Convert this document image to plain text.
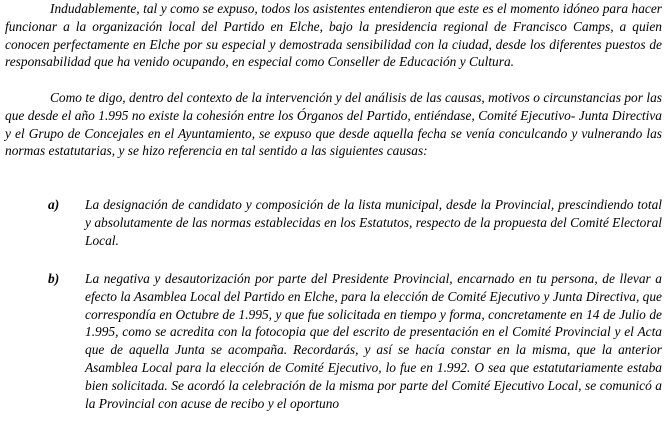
Indudablemente, tal y como se expuso, todos los asistentes entendieron que este es el momento idóneo para hacer funcionar a la organización local del Partido en Elche, bajo la presidencia regional de Francisco Camps, a quien conocen perfectamente en Elche por su especial y demostrada sensibilidad con la ciudad, desde los diferentes puestos de responsabilidad que ha venido ocupando, en especial como Conseller de Educación y Cultura.

Como te digo, dentro del contexto de la intervención y del análisis de las causas, motivos o circunstancias por las que desde el año 1.995 no existe la cohesión entre los Órganos del Partido, entiéndase, Comité Ejecutivo- Junta Directiva y el Grupo de Concejales en el Ayuntamiento, se expuso que desde aquella fecha se venía conculcando y vulnerando las normas estatutarias, y se hizo referencia en tal sentido a las siguientes causas:

a) La designación de candidato y composición de la lista municipal, desde la Provincial, prescindiendo total y absolutamente de las normas establecidas en los Estatutos, respecto de la propuesta del Comité Electoral Local.
b) La negativa y desautorización por parte del Presidente Provincial, encarnado en tu persona, de llevar a efecto la Asamblea Local del Partido en Elche, para la elección de Comité Ejecutivo y Junta Directiva, que correspondía en Octubre de 1.995, y que fue solicitada en tiempo y forma, concretamente en 14 de Julio de 1.995, como se acredita con la fotocopia que del escrito de presentación en el Comité Provincial y el Acta que de aquella Junta se acompaña. Recordarás, y así se hacía constar en la misma, que la anterior Asamblea Local para la elección de Comité Ejecutivo, lo fue en 1.992. O sea que estatutariamente estaba bien solicitada. Se acordó la celebración de la misma por parte del Comité Ejecutivo Local, se comunicó a la Provincial con acuse de recibo y el oportuno
